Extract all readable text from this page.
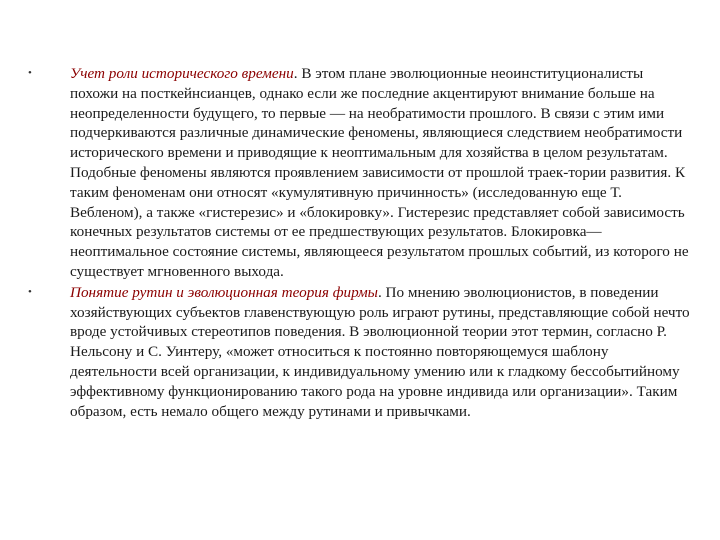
•	Учет роли исторического времени. В этом плане эволюционные неоинституционалисты похожи на посткейнсианцев, однако если же последние акцентируют внимание больше на неопределенности будущего, то первые — на необратимости прошлого. В связи с этим ими подчеркиваются различные динамические феномены, являющиеся следствием необратимости исторического времени и приводящие к неоптимальным для хозяйства в целом результатам. Подобные феномены являются проявлением зависимости от прошлой траек-тории развития. К таким феноменам они относят «кумулятивную причинность» (исследованную еще Т. Вебленом), а также «гистерезис» и «блокировку». Гистерезис представляет собой зависимость конечных результатов системы от ее предшествующих результатов. Блокировка— неоптимальное состояние системы, являющееся результатом прошлых событий, из которого не существует мгновенного выхода.
•	Понятие рутин и эволюционная теория фирмы. По мнению эволюционистов, в поведении хозяйствующих субъектов главенствующую роль играют рутины, представляющие собой нечто вроде устойчивых стереотипов поведения. В эволюционной теории этот термин, согласно Р. Нельсону и С. Уинтеру, «может относиться к постоянно повторяющемуся шаблону деятельности всей организации, к индивидуальному умению или к гладкому бессобытийному эффективному функционированию такого рода на уровне индивида или организации». Таким образом, есть немало общего между рутинами и привычками.
